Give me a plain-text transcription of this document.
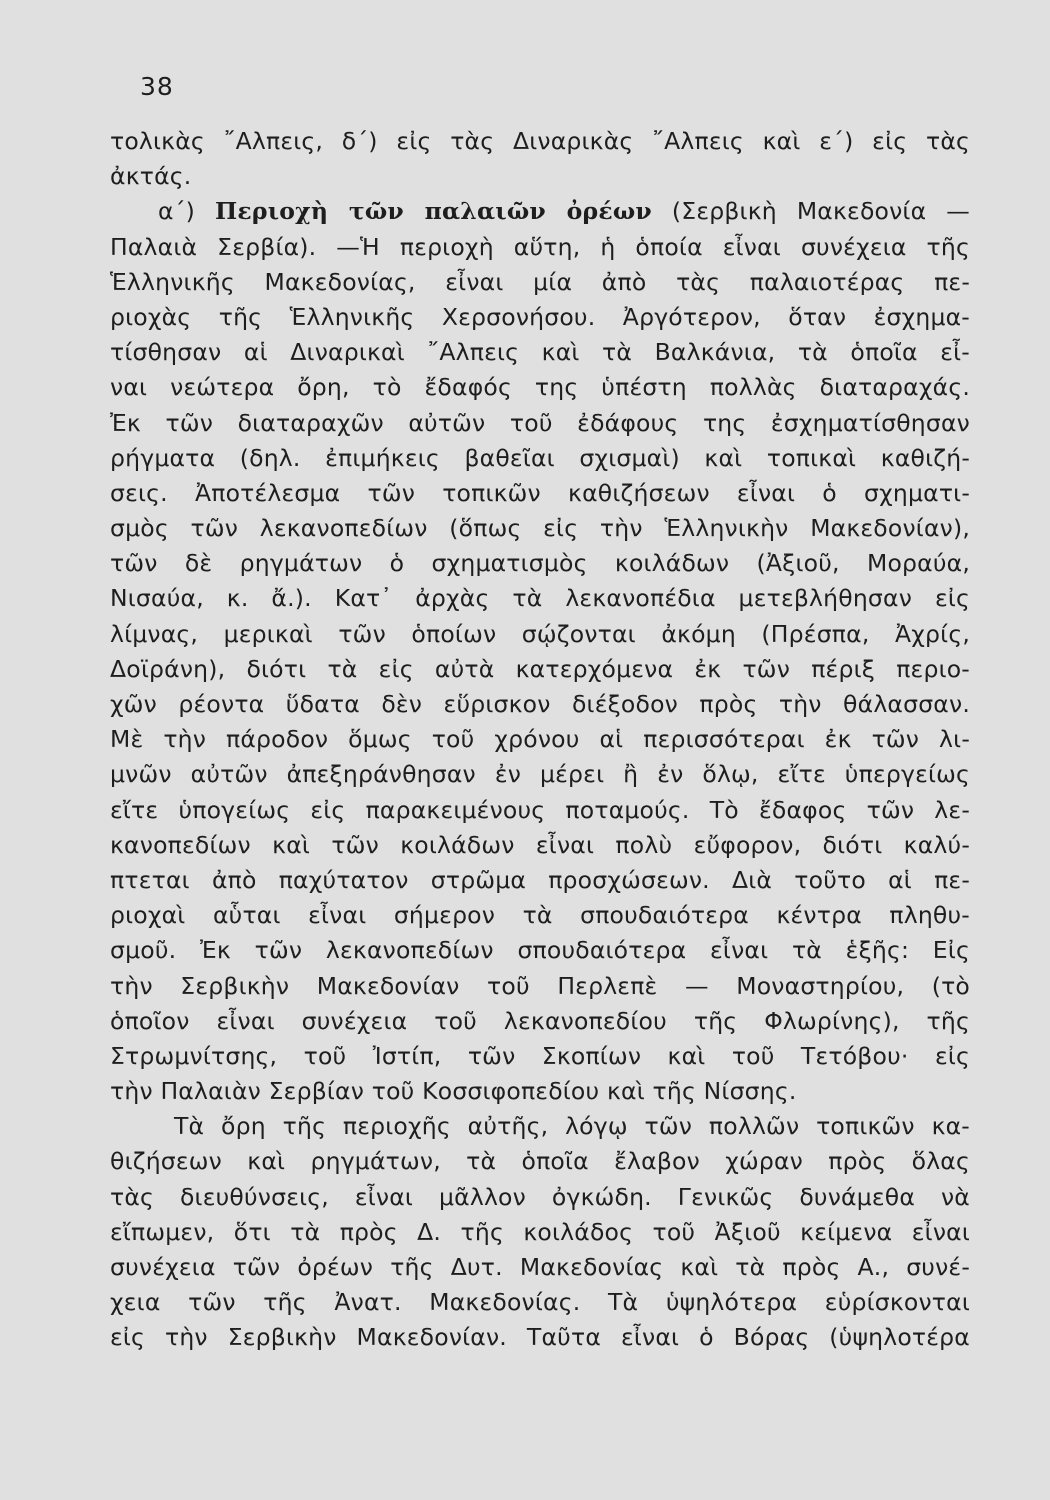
38
τολικὰς ῎Αλπεις, δ΄) εἰς τὰς Διναρικὰς ῎Αλπεις καὶ ε΄) εἰς τὰς
ἀκτάς.
α΄) Περιοχὴ τῶν παλαιῶν ὀρέων (Σερβικὴ Μακεδονία —
Παλαιὰ Σερβία). —Ἡ περιοχὴ αὕτη, ἡ ὁποία εἶναι συνέχεια τῆς
Ἑλληνικῆς Μακεδονίας, εἶναι μία ἀπὸ τὰς παλαιοτέρας πε-
ριοχὰς τῆς Ἑλληνικῆς Χερσονήσου. Ἀργότερον, ὅταν ἐσχημα-
τίσθησαν αἱ Διναρικαὶ ῎Αλπεις καὶ τὰ Βαλκάνια, τὰ ὁποῖα εἶ-
ναι νεώτερα ὄρη, τὸ ἔδαφός της ὑπέστη πολλὰς διαταραχάς.
Ἐκ τῶν διαταραχῶν αὐτῶν τοῦ ἐδάφους της ἐσχηματίσθησαν
ρήγματα (δηλ. ἐπιμήκεις βαθεῖαι σχισμαὶ) καὶ τοπικαὶ καθιζή-
σεις. Ἀποτέλεσμα τῶν τοπικῶν καθιζήσεων εἶναι ὁ σχηματι-
σμὸς τῶν λεκανοπεδίων (ὅπως εἰς τὴν Ἑλληνικὴν Μακεδονίαν),
τῶν δὲ ρηγμάτων ὁ σχηματισμὸς κοιλάδων (Ἀξιοῦ, Μοραύα,
Νισαύα, κ. ἄ.). Κατ᾽ ἀρχὰς τὰ λεκανοπέδια μετεβλήθησαν εἰς
λίμνας, μερικαὶ τῶν ὁποίων σῴζονται ἀκόμη (Πρέσπα, Ἀχρίς,
Δοϊράνη), διότι τὰ εἰς αὐτὰ κατερχόμενα ἐκ τῶν πέριξ περιο-
χῶν ρέοντα ὕδατα δὲν εὕρισκον διέξοδον πρὸς τὴν θάλασσαν.
Μὲ τὴν πάροδον ὅμως τοῦ χρόνου αἱ περισσότεραι ἐκ τῶν λι-
μνῶν αὐτῶν ἀπεξηράνθησαν ἐν μέρει ἢ ἐν ὅλῳ, εἴτε ὑπεργείως
εἴτε ὑπογείως εἰς παρακειμένους ποταμούς. Τὸ ἔδαφος τῶν λε-
κανοπεδίων καὶ τῶν κοιλάδων εἶναι πολὺ εὔφορον, διότι καλύ-
πτεται ἀπὸ παχύτατον στρῶμα προσχώσεων. Διὰ τοῦτο αἱ πε-
ριοχαὶ αὗται εἶναι σήμερον τὰ σπουδαιότερα κέντρα πληθυ-
σμοῦ. Ἐκ τῶν λεκανοπεδίων σπουδαιότερα εἶναι τὰ ἑξῆς: Εἰς
τὴν Σερβικὴν Μακεδονίαν τοῦ Περλεπὲ — Μοναστηρίου, (τὸ
ὁποῖον εἶναι συνέχεια τοῦ λεκανοπεδίου τῆς Φλωρίνης), τῆς
Στρωμνίτσης, τοῦ Ἰστίπ, τῶν Σκοπίων καὶ τοῦ Τετόβου· εἰς
τὴν Παλαιὰν Σερβίαν τοῦ Κοσσιφοπεδίου καὶ τῆς Νίσσης.
Τὰ ὄρη τῆς περιοχῆς αὐτῆς, λόγῳ τῶν πολλῶν τοπικῶν κα-
θιζήσεων καὶ ρηγμάτων, τὰ ὁποῖα ἔλαβον χώραν πρὸς ὅλας
τὰς διευθύνσεις, εἶναι μᾶλλον ὀγκώδη. Γενικῶς δυνάμεθα νὰ
εἴπωμεν, ὅτι τὰ πρὸς Δ. τῆς κοιλάδος τοῦ Ἀξιοῦ κείμενα εἶναι
συνέχεια τῶν ὀρέων τῆς Δυτ. Μακεδονίας καὶ τὰ πρὸς Α., συνέ-
χεια τῶν τῆς Ἀνατ. Μακεδονίας. Τὰ ὑψηλότερα εὑρίσκονται
εἰς τὴν Σερβικὴν Μακεδονίαν. Ταῦτα εἶναι ὁ Βόρας (ὑψηλοτέρα
